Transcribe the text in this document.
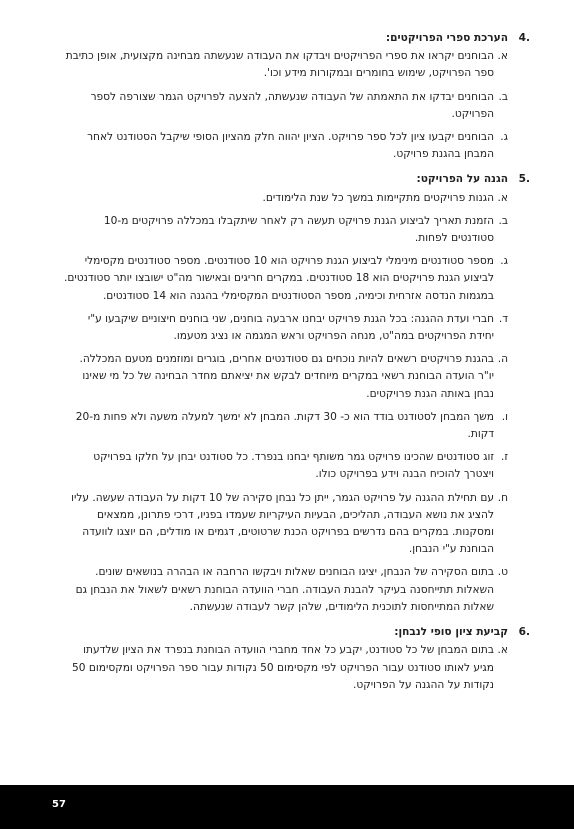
.4
הערכת ספרי הפרויקטים:
א.
הבוחנים יקראו את ספרי הפרויקטים ויבדקו את העבודה שנעשתה מבחינה מקצועית, אופן כתיבת ספר הפרויקט, שימוש בחומרים ובמקורות מידע וכו'.
ב.
הבוחנים יבדקו את התאמתה של העבודה שנעשתה, להצעה לפרויקט הגמר שצורפה לספר הפרויקט.
ג.
הבוחנים יקבעו ציון לכל ספר פרויקט. הציון יהווה חלק מהציון הסופי שיקבל הסטודנט לאחר המבחן בהגנת פרויקט.
.5
הגנה על הפרויקט:
א.
הגנות פרויקטים מתקיימות במשך כל שנת הלימודים.
ב.
הזמנת תאריך לביצוע הגנת פרויקט תעשה רק לאחר שיתקבלו במכללה פרויקטים מ-10 סטודנטים לפחות.
ג.
מספר סטודנטים מינימלי לביצוע הגנת פרויקט הוא 10 סטודנטים. מספר סטודנטים מקסימלי לביצוע הגנת פרויקטים הוא 18 סטודנטים. במקרים חריגים ובאישור מה"ט ישובצו יותר סטודנטים. במגמות הנדסה אזרחית וכימיה, מספר הסטודנטים המקסימלי בהגנה הוא 14 סטודנטים.
ד.
חברי ועדת ההגנה: בכל הגנת פרויקט יבחנו ארבעה בוחנים, שני בוחנים חיצוניים שיקבעו ע"י יחידת הפרויקטים במה"ט, מנחה הפרויקט וראש המגמה או נציג מטעמו.
ה.
בהגנת פרויקטים רשאים להיות נוכחים גם סטודנטים אחרים, בוגרים ומוזמנים מטעם המכללה. יו"ר הועדה הבוחנת רשאי במקרים מיוחדים לבקש את יציאתם מחדר הבחינה של כל מי שאינו נבחן באותה הגנת פרויקטים.
ו.
משך המבחן לסטודנט בודד הוא כ- 30 דקות. המבחן לא ימשך למעלה משעה ולא פחות מ-20 דקות.
ז.
זוג סטודנטים שהכינו פרויקט גמר משותף יבחנו בנפרד. כל סטודנט יבחן על חלקו בפרויקט ויצטרך להוכיח הבנה וידע בפרויקט כולו.
ח.
עם תחילת ההגנה על פרויקט הגמר, ייתן כל נבחן סקירה של 10 דקות על העבודה שעשה. עליו להציג את נושא העבודה, תהליכים, הבעיות העיקריות שעמדו בפניו, דרכי פתרונן, ממצאים ומסקנות. במקרים בהם נדרשים בפרויקט הכנת שרטוטים, דגמים או מודלים, הם יוצגו לוועדה הבוחנת ע"י הנבחן.
ט.
בתום הסקירה של הנבחן, יציגו הבוחנים שאלות ויבקשו הרחבה או הבהרה בנושאים שונים. השאלות תתייחסנה בעיקר להבנת העבודה. חברי הוועדה הבוחנת רשאים לשאול את הנבחן גם שאלות המתייחסות לתוכנית הלימודים, שלהן קשר לעבודה שנעשתה.
.6
קביעת ציון סופי לנבחן:
א.
בתום המבחן של כל סטודנט, יקבע כל אחד מחברי הוועדה הבוחנת בנפרד את הציון שלדעתו מגיע לאותו סטודנט עבור הפרויקט לפי מקסימום 50 נקודות עבור ספר הפרויקט ומקסימום 50 נקודות על ההגנה על הפרויקט.
57
